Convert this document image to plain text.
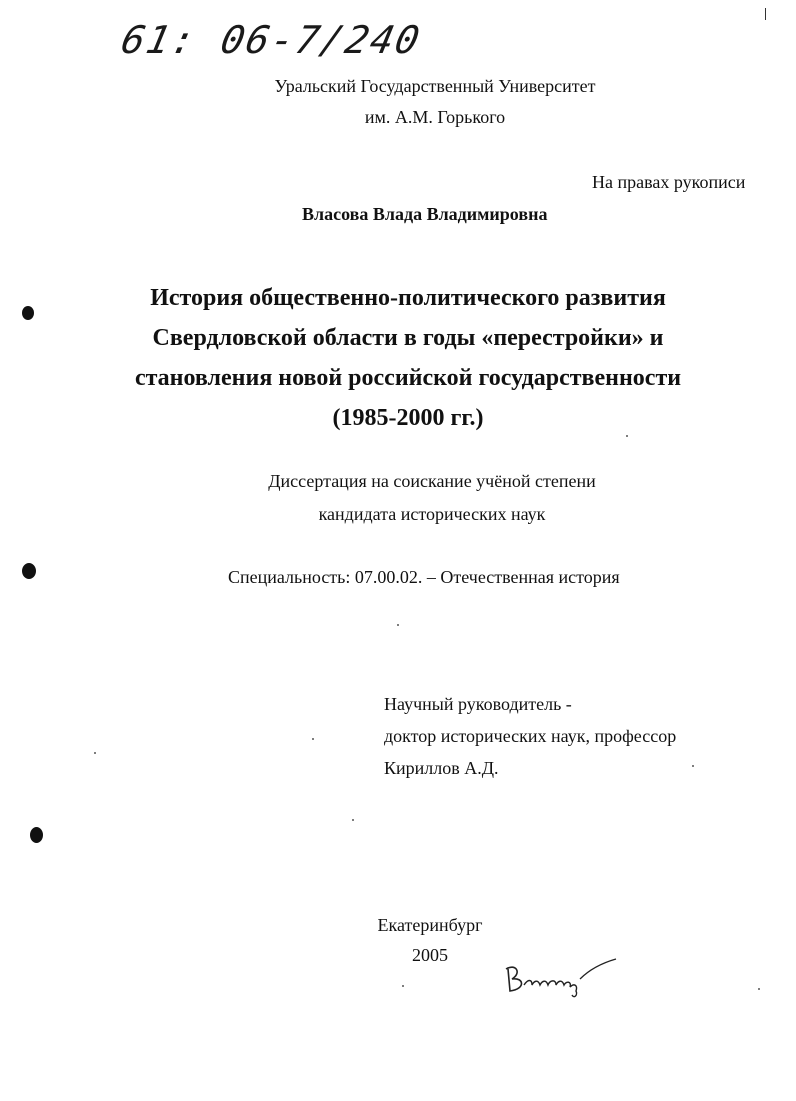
61: 06-7/240
Уральский Государственный Университет
им. А.М. Горького
На правах рукописи
Власова Влада Владимировна
История общественно-политического развития
Свердловской области в годы «перестройки» и
становления новой российской государственности
(1985-2000 гг.)
Диссертация на соискание учёной степени
кандидата исторических наук
Специальность: 07.00.02. – Отечественная история
Научный руководитель -
доктор исторических наук, профессор
Кириллов А.Д.
Екатеринбург
2005
